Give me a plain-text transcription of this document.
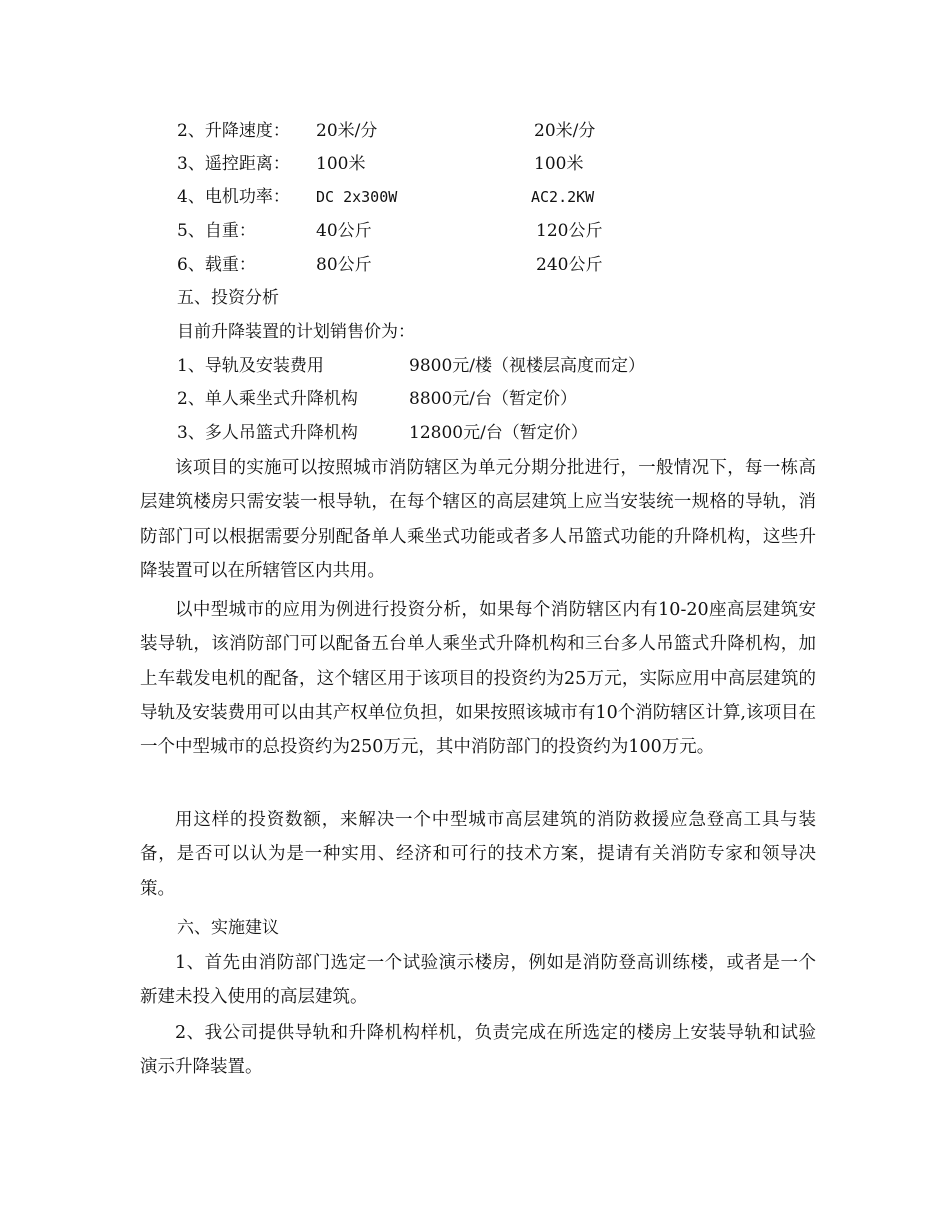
2、升降速度： 20米/分	20米/分
3、遥控距离： 100米	100米
4、电机功率： DC 2x300W	AC2.2KW
5、自重：	40公斤	120公斤
6、载重：	80公斤	240公斤
五、投资分析
目前升降装置的计划销售价为：
1、导轨及安装费用	9800元/楼（视楼层高度而定）
2、单人乘坐式升降机构	8800元/台（暂定价）
3、多人吊篮式升降机构	12800元/台（暂定价）

该项目的实施可以按照城市消防辖区为单元分期分批进行，一般情况下，每一栋高层建筑楼房只需安装一根导轨，在每个辖区的高层建筑上应当安装统一规格的导轨，消防部门可以根据需要分别配备单人乘坐式功能或者多人吊篮式功能的升降机构，这些升降装置可以在所辖管区内共用。

以中型城市的应用为例进行投资分析，如果每个消防辖区内有10-20座高层建筑安装导轨，该消防部门可以配备五台单人乘坐式升降机构和三台多人吊篮式升降机构，加上车载发电机的配备，这个辖区用于该项目的投资约为25万元，实际应用中高层建筑的导轨及安装费用可以由其产权单位负担，如果按照该城市有10个消防辖区计算,该项目在一个中型城市的总投资约为250万元，其中消防部门的投资约为100万元。

用这样的投资数额，来解决一个中型城市高层建筑的消防救援应急登高工具与装备，是否可以认为是一种实用、经济和可行的技术方案，提请有关消防专家和领导决策。

六、实施建议

1、首先由消防部门选定一个试验演示楼房，例如是消防登高训练楼，或者是一个新建未投入使用的高层建筑。

2、我公司提供导轨和升降机构样机，负责完成在所选定的楼房上安装导轨和试验演示升降装置。
